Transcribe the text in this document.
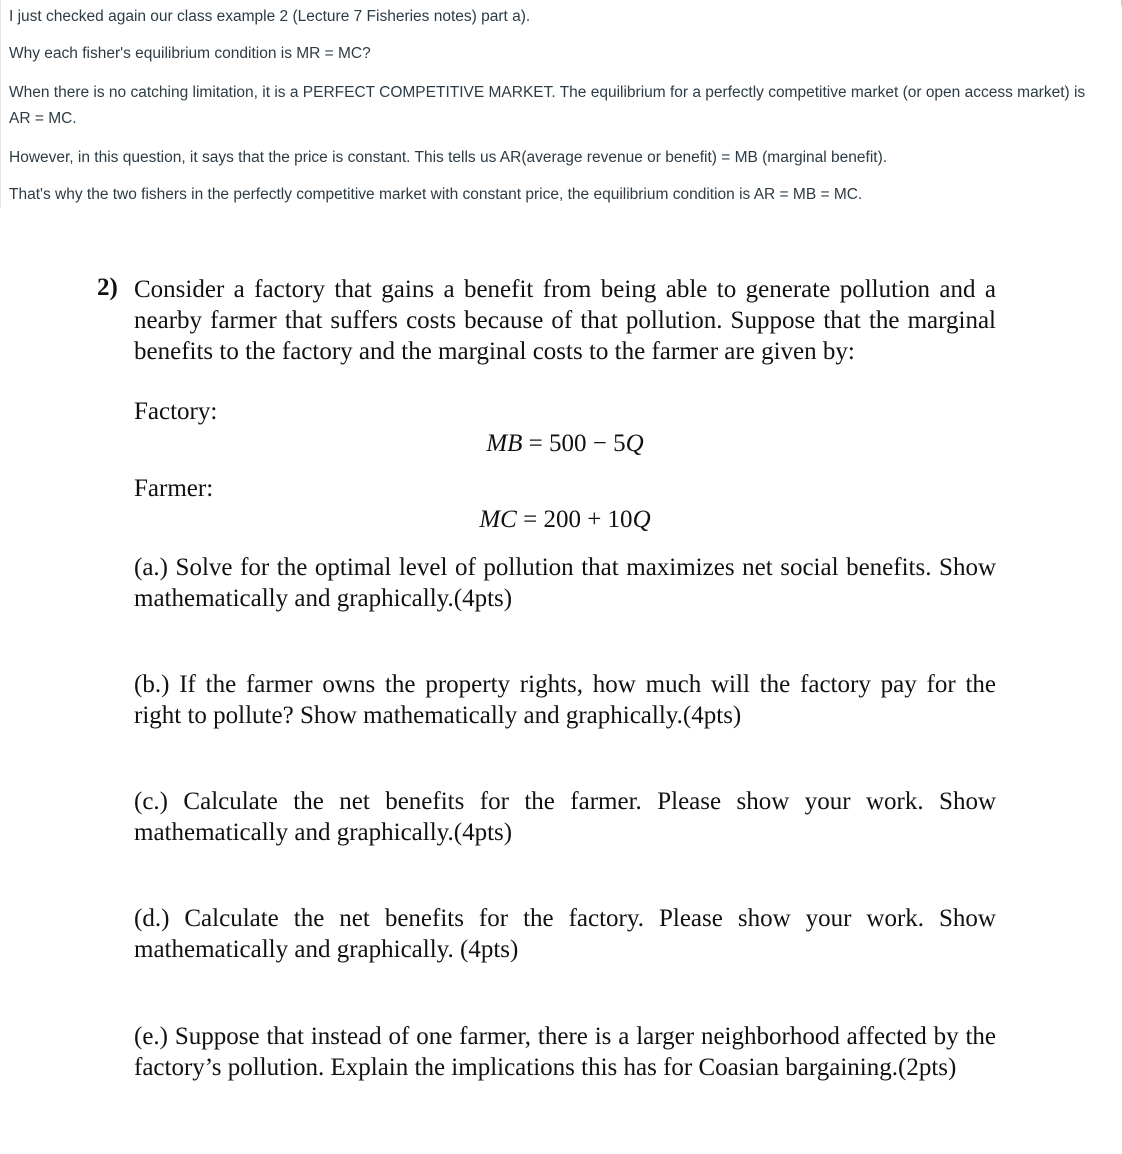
I just checked again our class example 2 (Lecture 7 Fisheries notes) part a).

Why each fisher's equilibrium condition is MR = MC?

When there is no catching limitation, it is a PERFECT COMPETITIVE MARKET. The equilibrium for a perfectly competitive market (or open access market) is AR = MC.

However, in this question, it says that the price is constant. This tells us AR(average revenue or benefit) = MB (marginal benefit).

That's why the two fishers in the perfectly competitive market with constant price, the equilibrium condition is AR = MB = MC.

2) Consider a factory that gains a benefit from being able to generate pollution and a nearby farmer that suffers costs because of that pollution. Suppose that the marginal benefits to the factory and the marginal costs to the farmer are given by:

Factory:

MB = 500 − 5Q

Farmer:

MC = 200 + 10Q

(a.) Solve for the optimal level of pollution that maximizes net social benefits. Show mathematically and graphically.(4pts)

(b.) If the farmer owns the property rights, how much will the factory pay for the right to pollute? Show mathematically and graphically.(4pts)

(c.) Calculate the net benefits for the farmer. Please show your work. Show mathematically and graphically.(4pts)

(d.) Calculate the net benefits for the factory. Please show your work. Show mathematically and graphically. (4pts)

(e.) Suppose that instead of one farmer, there is a larger neighborhood affected by the factory’s pollution. Explain the implications this has for Coasian bargaining.(2pts)
